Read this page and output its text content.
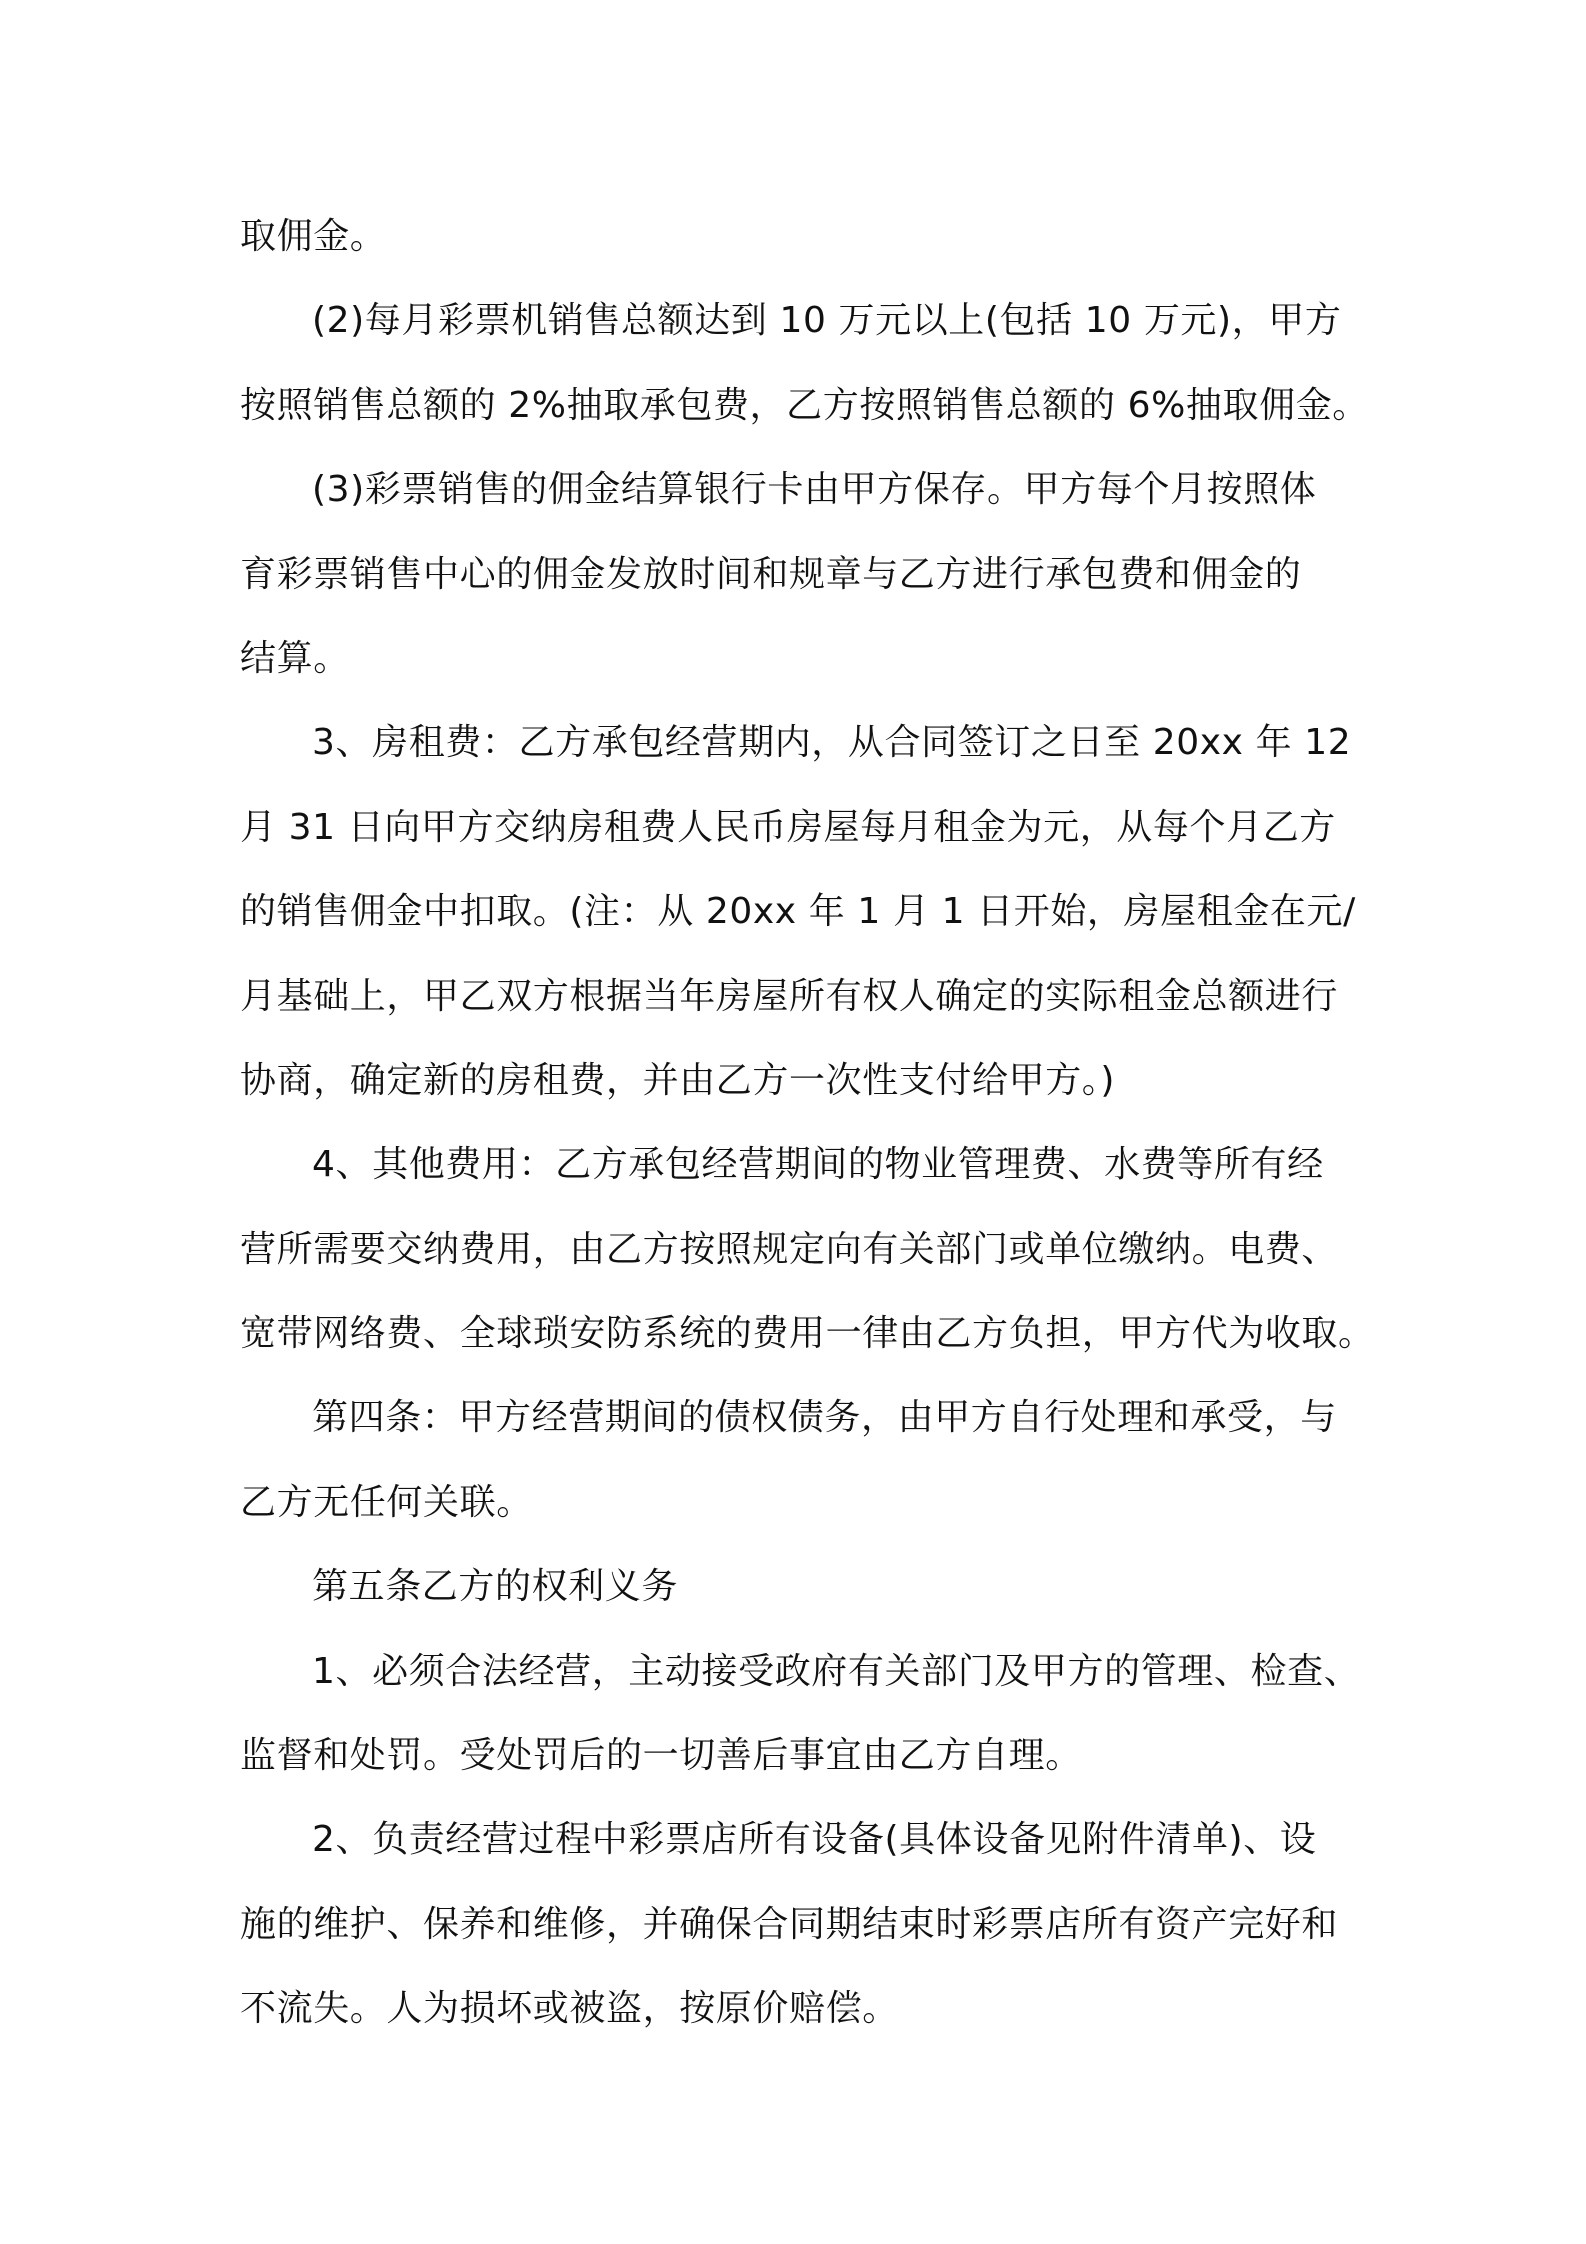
取佣金。
(2)每月彩票机销售总额达到 10 万元以上(包括 10 万元)，甲方
按照销售总额的 2%抽取承包费，乙方按照销售总额的 6%抽取佣金。
(3)彩票销售的佣金结算银行卡由甲方保存。甲方每个月按照体
育彩票销售中心的佣金发放时间和规章与乙方进行承包费和佣金的
结算。
3、房租费：乙方承包经营期内，从合同签订之日至 20xx 年 12
月 31 日向甲方交纳房租费人民币房屋每月租金为元，从每个月乙方
的销售佣金中扣取。(注：从 20xx 年 1 月 1 日开始，房屋租金在元/
月基础上，甲乙双方根据当年房屋所有权人确定的实际租金总额进行
协商，确定新的房租费，并由乙方一次性支付给甲方。)
4、其他费用：乙方承包经营期间的物业管理费、水费等所有经
营所需要交纳费用，由乙方按照规定向有关部门或单位缴纳。电费、
宽带网络费、全球琐安防系统的费用一律由乙方负担，甲方代为收取。
第四条：甲方经营期间的债权债务，由甲方自行处理和承受，与
乙方无任何关联。
第五条乙方的权利义务
1、必须合法经营，主动接受政府有关部门及甲方的管理、检查、
监督和处罚。受处罚后的一切善后事宜由乙方自理。
2、负责经营过程中彩票店所有设备(具体设备见附件清单)、设
施的维护、保养和维修，并确保合同期结束时彩票店所有资产完好和
不流失。人为损坏或被盗，按原价赔偿。
